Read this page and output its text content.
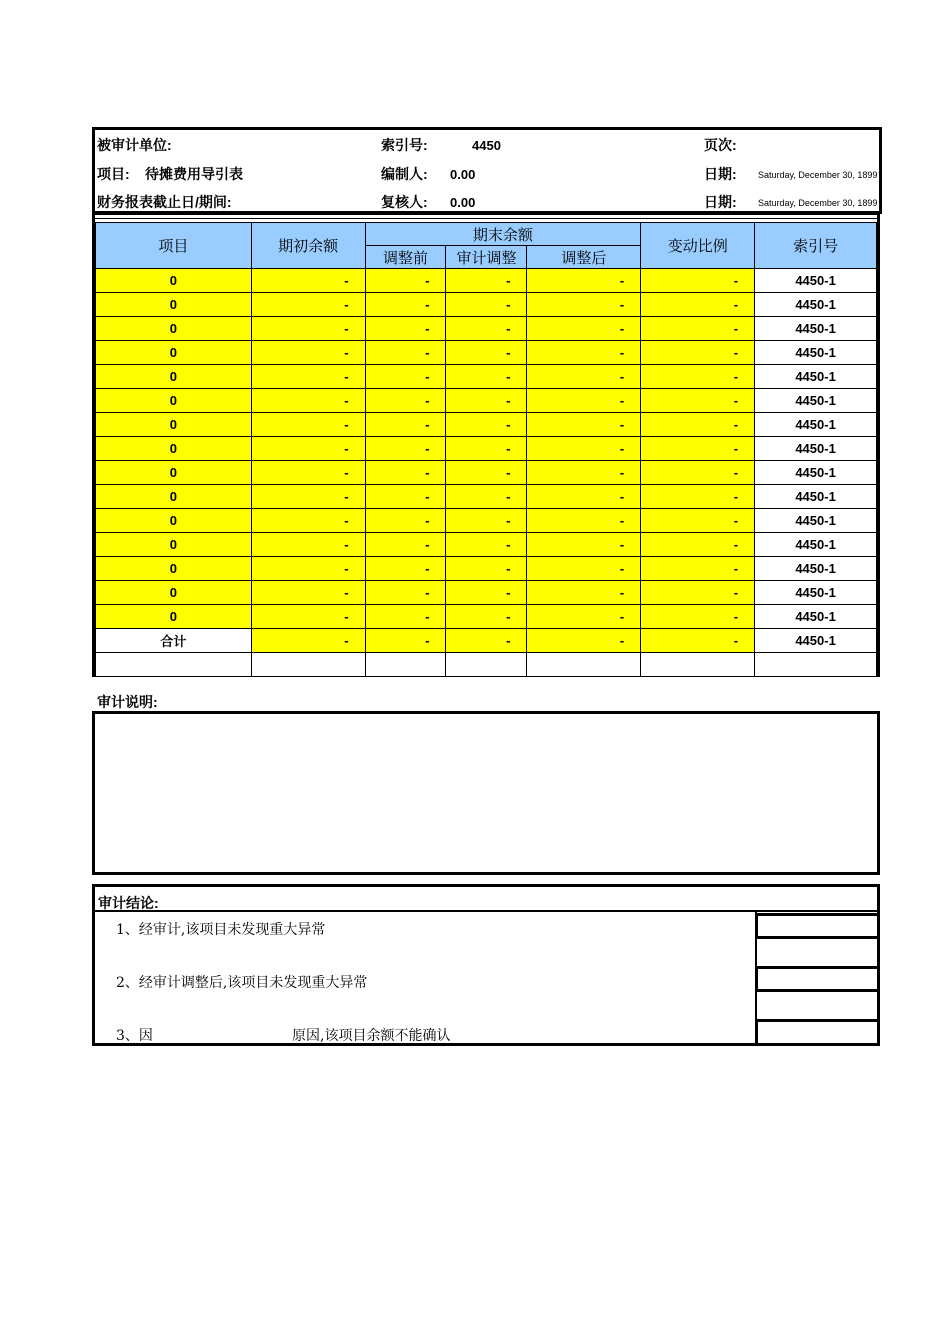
被审计单位:
项目: 待摊费用导引表
财务报表截止日/期间:
索引号:	4450
编制人: 0.00
复核人: 0.00
页次:
日期: Saturday, December 30, 1899
日期: Saturday, December 30, 1899
项目	期初余额	期末余额			变动比例	索引号
		调整前	审计调整	调整后		
0	-	-	-	-	-	4450-1
0	-	-	-	-	-	4450-1
0	-	-	-	-	-	4450-1
0	-	-	-	-	-	4450-1
0	-	-	-	-	-	4450-1
0	-	-	-	-	-	4450-1
0	-	-	-	-	-	4450-1
0	-	-	-	-	-	4450-1
0	-	-	-	-	-	4450-1
0	-	-	-	-	-	4450-1
0	-	-	-	-	-	4450-1
0	-	-	-	-	-	4450-1
0	-	-	-	-	-	4450-1
0	-	-	-	-	-	4450-1
0	-	-	-	-	-	4450-1
合计	-	-	-	-	-	4450-1

审计说明:
审计结论:
1、经审计,该项目未发现重大异常
2、经审计调整后,该项目未发现重大异常
3、因	原因,该项目余额不能确认
